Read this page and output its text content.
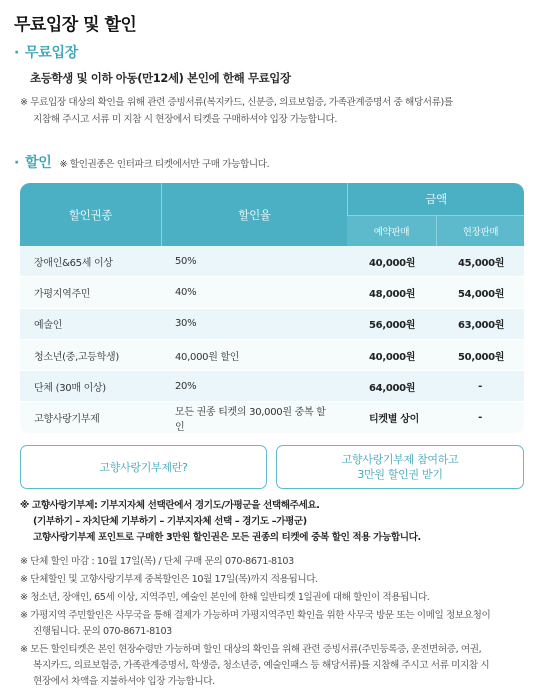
무료입장 및 할인
· 무료입장
초등학생 및 이하 아동(만12세) 본인에 한해 무료입장
※ 무료입장 대상의 확인을 위해 관련 증빙서류(복지카드, 신분증, 의료보험증, 가족관계증명서 중 해당서류)를
지참해 주시고 서류 미 지참 시 현장에서 티켓을 구매하셔야 입장 가능합니다.
· 할인 ※ 할인권종은 인터파크 티켓에서만 구매 가능합니다.
할인권종	할인율	금액	
		예약판매	현장판매
장애인&65세 이상	50%	40,000원	45,000원
가평지역주민	40%	48,000원	54,000원
예술인	30%	56,000원	63,000원
청소년(중,고등학생)	40,000원 할인	40,000원	50,000원
단체 (30매 이상)	20%	64,000원	-
고향사랑기부제	모든 권종 티켓의 30,000원 중복 할인	티켓별 상이	-
고향사랑기부제란?
고향사랑기부제 참여하고
3만원 할인권 받기
※ 고향사랑기부제: 기부지자체 선택란에서 경기도/가평군을 선택해주세요.
(기부하기 – 자치단체 기부하기 – 기부지자체 선택 – 경기도 –가평군)
고향사랑기부제 포인트로 구매한 3만원 할인권은 모든 권종의 티켓에 중복 할인 적용 가능합니다.
※ 단체 할인 마감 : 10월 17일(목) / 단체 구매 문의 070-8671-8103
※ 단체할인 및 고향사랑기부제 중복할인은 10월 17일(목)까지 적용됩니다.
※ 청소년, 장애인, 65세 이상, 지역주민, 예술인 본인에 한해 일반티켓 1일권에 대해 할인이 적용됩니다.
※ 가평지역 주민할인은 사무국을 통해 결제가 가능하며 가평지역주민 확인을 위한 사무국 방문 또는 이메일 정보요청이
진행됩니다. 문의 070-8671-8103
※ 모든 할인티켓은 본인 현장수령만 가능하며 할인 대상의 확인을 위해 관련 증빙서류(주민등록증, 운전면허증, 여권,
복지카드, 의료보험증, 가족관계증명서, 학생증, 청소년증, 예술인패스 등 해당서류)를 지참해 주시고 서류 미지참 시
현장에서 차액을 지불하셔야 입장 가능합니다.
